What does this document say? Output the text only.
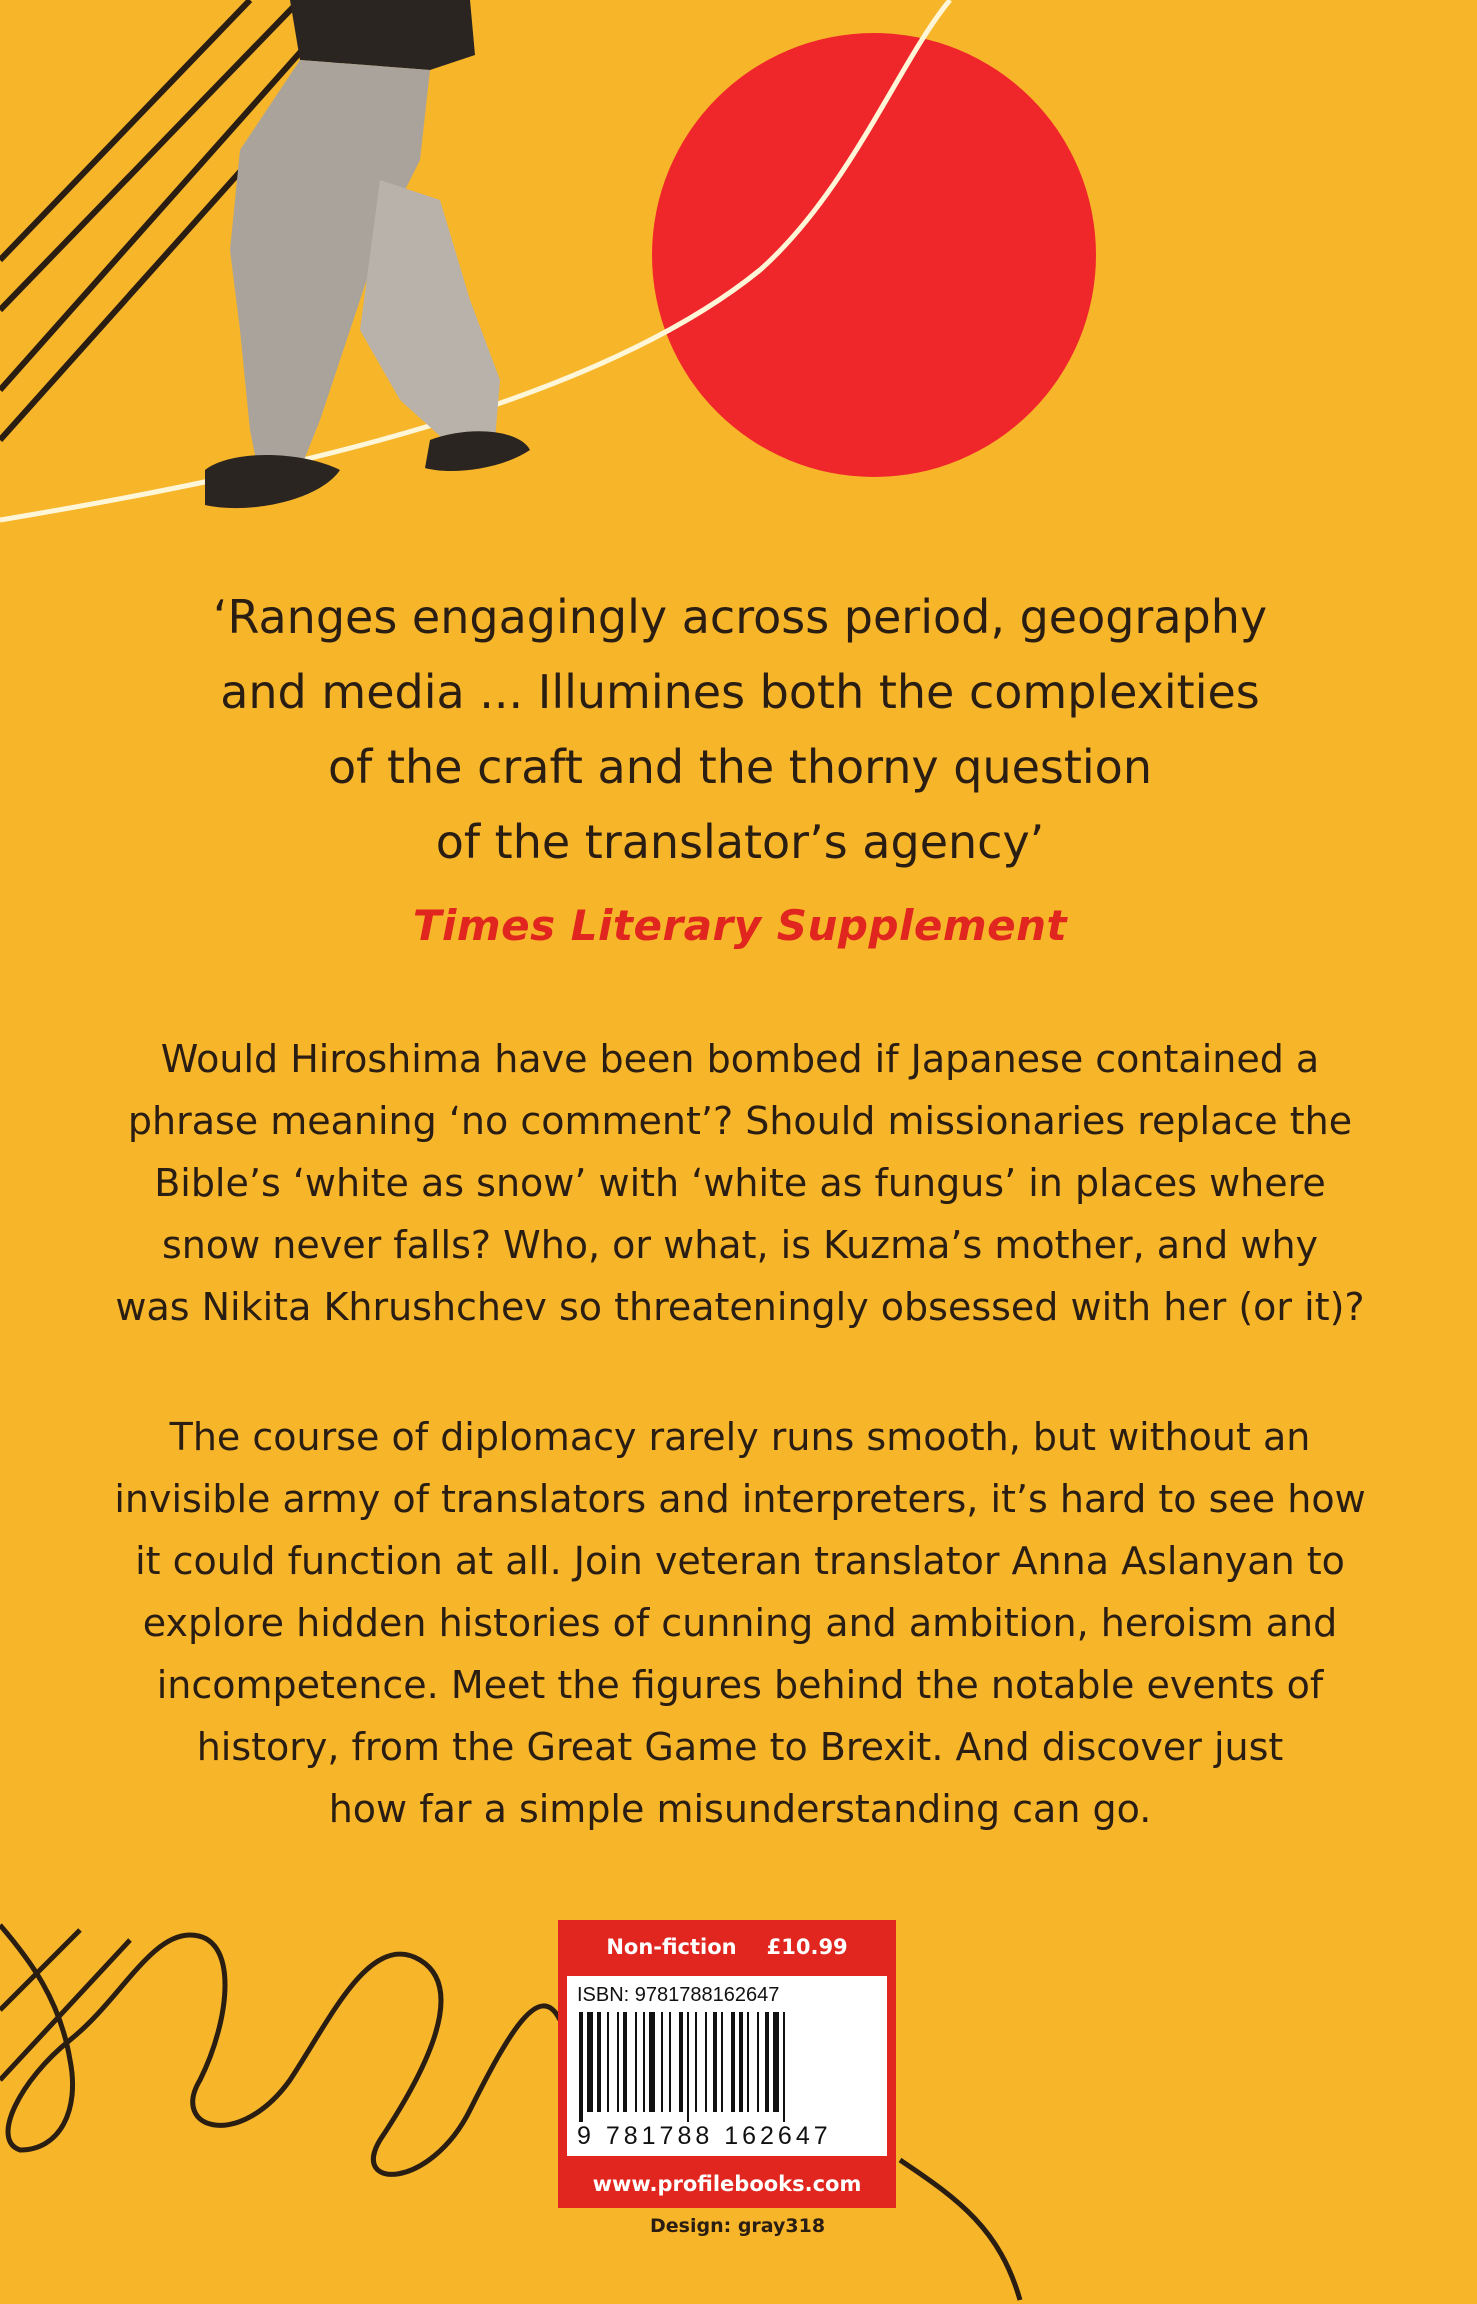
‘Ranges engagingly across period, geography
and media ... Illumines both the complexities
of the craft and the thorny question
of the translator’s agency’
Times Literary Supplement
Would Hiroshima have been bombed if Japanese contained a
phrase meaning ‘no comment’? Should missionaries replace the
Bible’s ‘white as snow’ with ‘white as fungus’ in places where
snow never falls? Who, or what, is Kuzma’s mother, and why
was Nikita Khrushchev so threateningly obsessed with her (or it)?
The course of diplomacy rarely runs smooth, but without an
invisible army of translators and interpreters, it’s hard to see how
it could function at all. Join veteran translator Anna Aslanyan to
explore hidden histories of cunning and ambition, heroism and
incompetence. Meet the figures behind the notable events of
history, from the Great Game to Brexit. And discover just
how far a simple misunderstanding can go.
Non-fiction £10.99
ISBN: 9781788162647
9 781788 162647
www.profilebooks.com
Design: gray318
